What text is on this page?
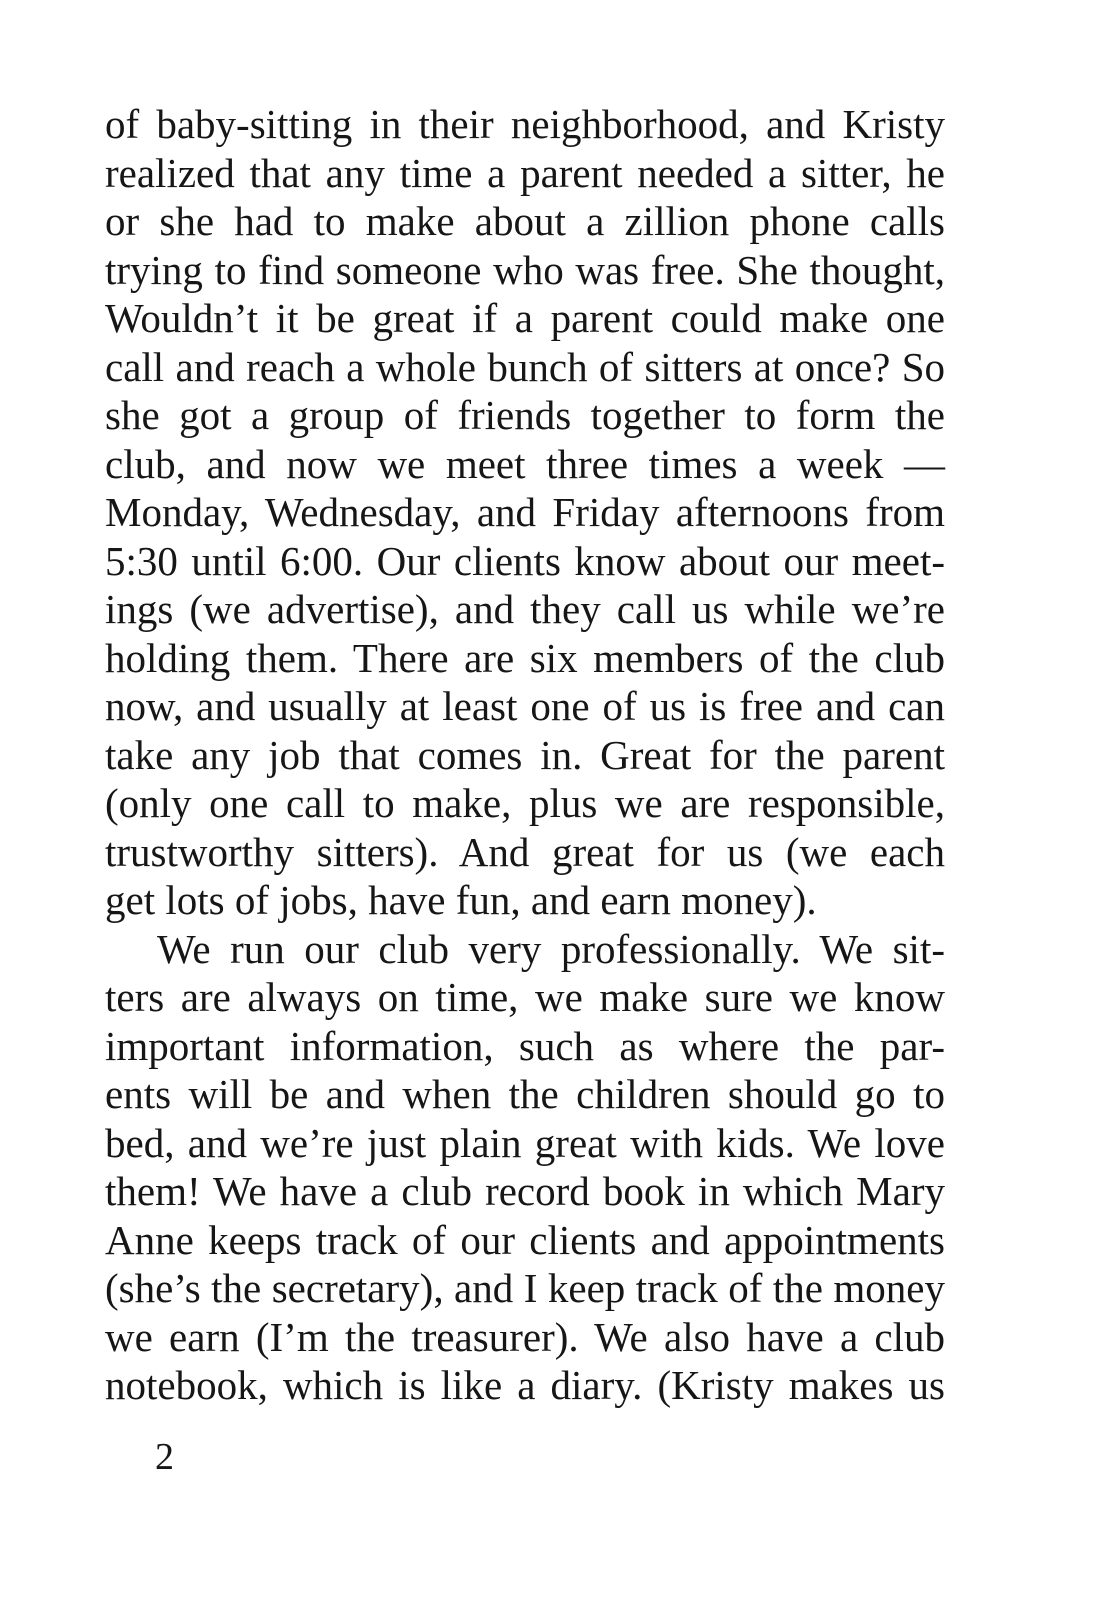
of baby-sitting in their neighborhood, and Kristy
realized that any time a parent needed a sitter, he
or she had to make about a zillion phone calls
trying to find someone who was free. She thought,
Wouldn’t it be great if a parent could make one
call and reach a whole bunch of sitters at once? So
she got a group of friends together to form the
club, and now we meet three times a week —
Monday, Wednesday, and Friday afternoons from
5:30 until 6:00. Our clients know about our meet-
ings (we advertise), and they call us while we’re
holding them. There are six members of the club
now, and usually at least one of us is free and can
take any job that comes in. Great for the parent
(only one call to make, plus we are responsible,
trustworthy sitters). And great for us (we each
get lots of jobs, have fun, and earn money).
We run our club very professionally. We sit-
ters are always on time, we make sure we know
important information, such as where the par-
ents will be and when the children should go to
bed, and we’re just plain great with kids. We love
them! We have a club record book in which Mary
Anne keeps track of our clients and appointments
(she’s the secretary), and I keep track of the money
we earn (I’m the treasurer). We also have a club
notebook, which is like a diary. (Kristy makes us
2
